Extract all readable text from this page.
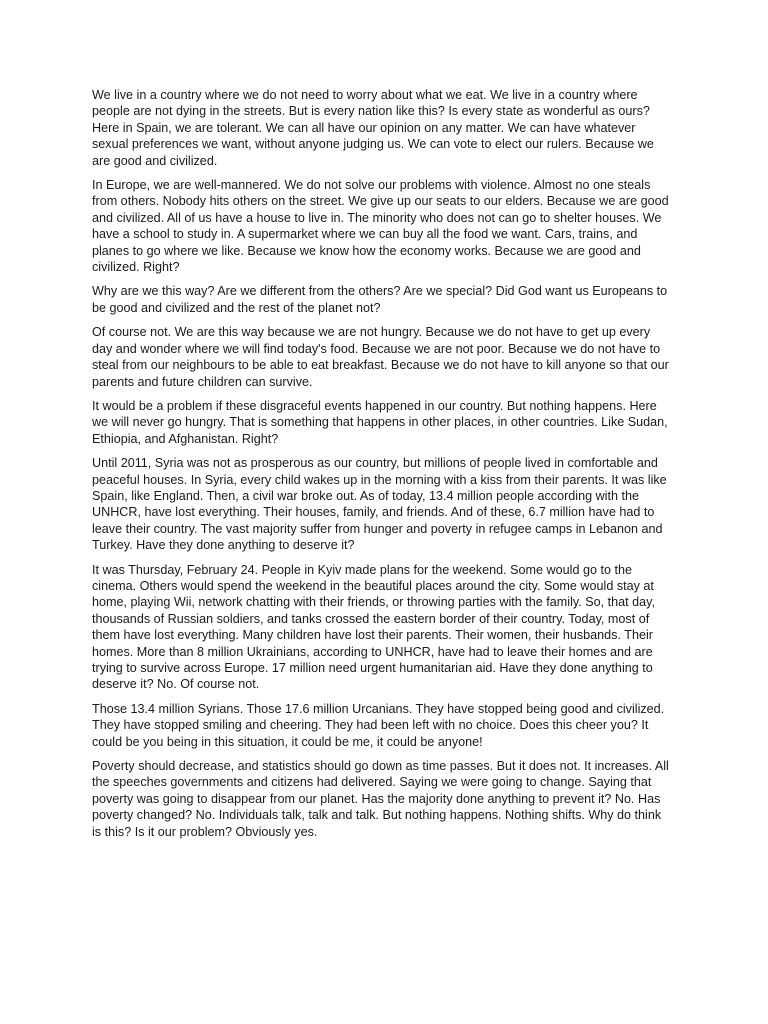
We live in a country where we do not need to worry about what we eat. We live in a country where people are not dying in the streets. But is every nation like this? Is every state as wonderful as ours? Here in Spain, we are tolerant. We can all have our opinion on any matter. We can have whatever sexual preferences we want, without anyone judging us. We can vote to elect our rulers. Because we are good and civilized.

In Europe, we are well-mannered. We do not solve our problems with violence. Almost no one steals from others. Nobody hits others on the street. We give up our seats to our elders. Because we are good and civilized. All of us have a house to live in. The minority who does not can go to shelter houses. We have a school to study in. A supermarket where we can buy all the food we want. Cars, trains, and planes to go where we like. Because we know how the economy works. Because we are good and civilized. Right?

Why are we this way? Are we different from the others? Are we special? Did God want us Europeans to be good and civilized and the rest of the planet not?

Of course not. We are this way because we are not hungry. Because we do not have to get up every day and wonder where we will find today's food. Because we are not poor. Because we do not have to steal from our neighbours to be able to eat breakfast. Because we do not have to kill anyone so that our parents and future children can survive.

It would be a problem if these disgraceful events happened in our country. But nothing happens. Here we will never go hungry. That is something that happens in other places, in other countries. Like Sudan, Ethiopia, and Afghanistan. Right?

Until 2011, Syria was not as prosperous as our country, but millions of people lived in comfortable and peaceful houses. In Syria, every child wakes up in the morning with a kiss from their parents. It was like Spain, like England. Then, a civil war broke out. As of today, 13.4 million people according with the UNHCR, have lost everything. Their houses, family, and friends. And of these, 6.7 million have had to leave their country. The vast majority suffer from hunger and poverty in refugee camps in Lebanon and Turkey. Have they done anything to deserve it?

It was Thursday, February 24. People in Kyiv made plans for the weekend. Some would go to the cinema. Others would spend the weekend in the beautiful places around the city. Some would stay at home, playing Wii, network chatting with their friends, or throwing parties with the family. So, that day, thousands of Russian soldiers, and tanks crossed the eastern border of their country. Today, most of them have lost everything. Many children have lost their parents. Their women, their husbands. Their homes. More than 8 million Ukrainians, according to UNHCR, have had to leave their homes and are trying to survive across Europe. 17 million need urgent humanitarian aid. Have they done anything to deserve it? No. Of course not.

Those 13.4 million Syrians. Those 17.6 million Urcanians. They have stopped being good and civilized. They have stopped smiling and cheering. They had been left with no choice. Does this cheer you? It could be you being in this situation, it could be me, it could be anyone!

Poverty should decrease, and statistics should go down as time passes. But it does not. It increases. All the speeches governments and citizens had delivered. Saying we were going to change. Saying that poverty was going to disappear from our planet. Has the majority done anything to prevent it? No. Has poverty changed? No. Individuals talk, talk and talk. But nothing happens. Nothing shifts. Why do think is this? Is it our problem? Obviously yes.
